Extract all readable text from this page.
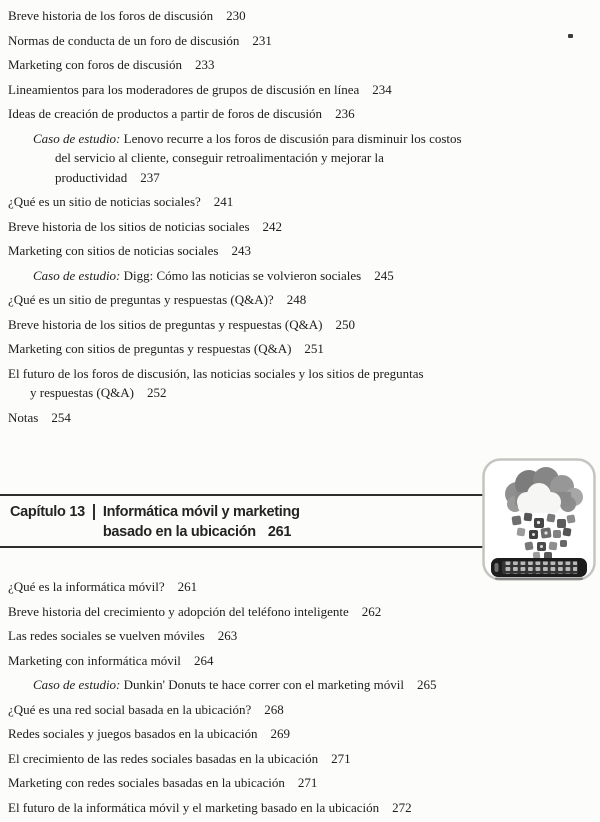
Breve historia de los foros de discusión 230
Normas de conducta de un foro de discusión 231
Marketing con foros de discusión 233
Lineamientos para los moderadores de grupos de discusión en línea 234
Ideas de creación de productos a partir de foros de discusión 236
Caso de estudio: Lenovo recurre a los foros de discusión para disminuir los costos
del servicio al cliente, conseguir retroalimentación y mejorar la
productividad 237
¿Qué es un sitio de noticias sociales? 241
Breve historia de los sitios de noticias sociales 242
Marketing con sitios de noticias sociales 243
Caso de estudio: Digg: Cómo las noticias se volvieron sociales 245
¿Qué es un sitio de preguntas y respuestas (Q&A)? 248
Breve historia de los sitios de preguntas y respuestas (Q&A) 250
Marketing con sitios de preguntas y respuestas (Q&A) 251
El futuro de los foros de discusión, las noticias sociales y los sitios de preguntas
y respuestas (Q&A) 252
Notas 254
Capítulo 13 Informática móvil y marketing basado en la ubicación 261
¿Qué es la informática móvil? 261
Breve historia del crecimiento y adopción del teléfono inteligente 262
Las redes sociales se vuelven móviles 263
Marketing con informática móvil 264
Caso de estudio: Dunkin' Donuts te hace correr con el marketing móvil 265
¿Qué es una red social basada en la ubicación? 268
Redes sociales y juegos basados en la ubicación 269
El crecimiento de las redes sociales basadas en la ubicación 271
Marketing con redes sociales basadas en la ubicación 271
El futuro de la informática móvil y el marketing basado en la ubicación 272
